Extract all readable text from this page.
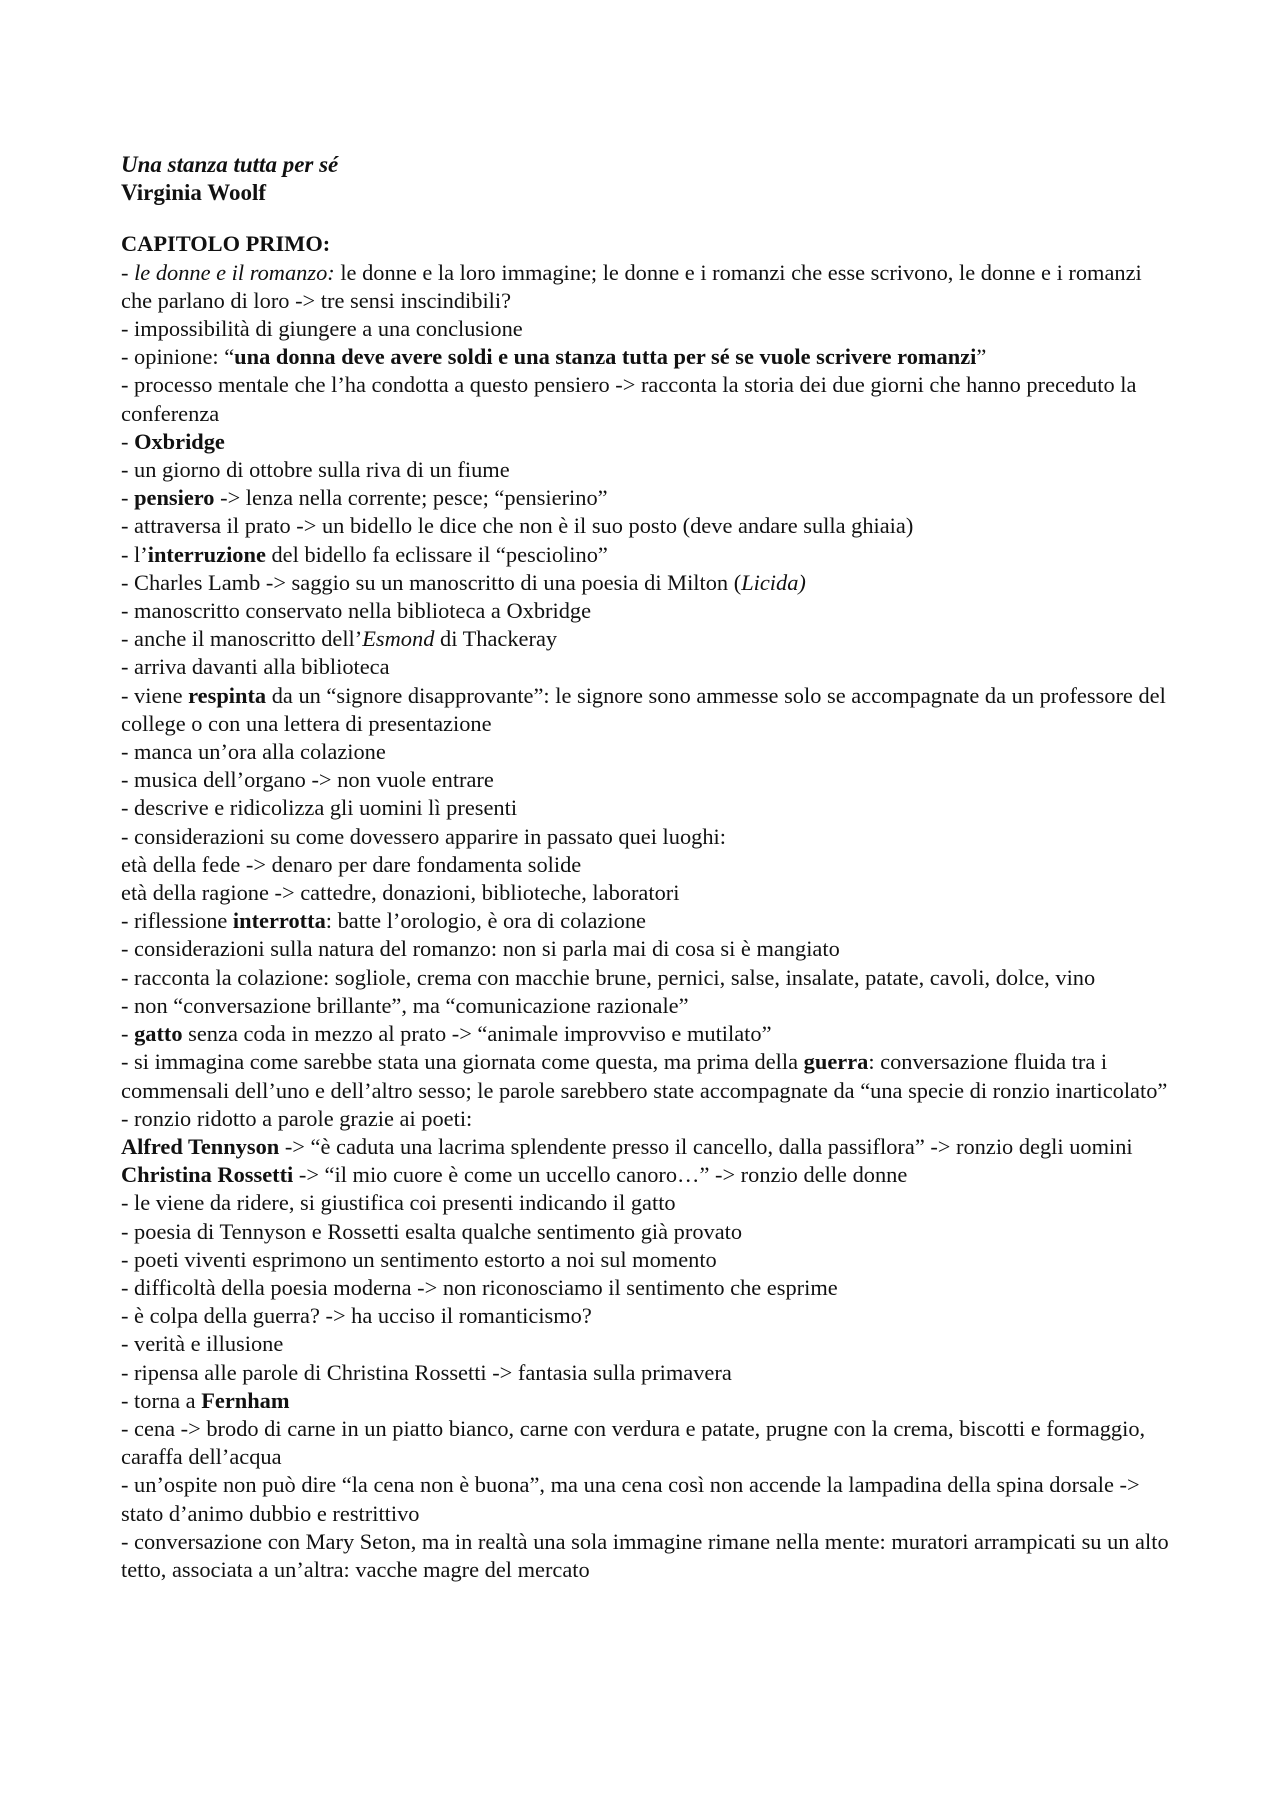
Una stanza tutta per sé
Virginia Woolf
CAPITOLO PRIMO:
- le donne e il romanzo: le donne e la loro immagine; le donne e i romanzi che esse scrivono, le donne e i romanzi che parlano di loro -> tre sensi inscindibili?
- impossibilità di giungere a una conclusione
- opinione: “una donna deve avere soldi e una stanza tutta per sé se vuole scrivere romanzi”
- processo mentale che l’ha condotta a questo pensiero -> racconta la storia dei due giorni che hanno preceduto la conferenza
- Oxbridge
- un giorno di ottobre sulla riva di un fiume
- pensiero -> lenza nella corrente; pesce; “pensierino”
- attraversa il prato -> un bidello le dice che non è il suo posto (deve andare sulla ghiaia)
- l’interruzione del bidello fa eclissare il “pesciolino”
- Charles Lamb -> saggio su un manoscritto di una poesia di Milton (Licida)
- manoscritto conservato nella biblioteca a Oxbridge
- anche il manoscritto dell’Esmond di Thackeray
- arriva davanti alla biblioteca
- viene respinta da un “signore disapprovante”: le signore sono ammesse solo se accompagnate da un professore del college o con una lettera di presentazione
- manca un’ora alla colazione
- musica dell’organo -> non vuole entrare
- descrive e ridicolizza gli uomini lì presenti
- considerazioni su come dovessero apparire in passato quei luoghi:
età della fede -> denaro per dare fondamenta solide
età della ragione -> cattedre, donazioni, biblioteche, laboratori
- riflessione interrotta: batte l’orologio, è ora di colazione
- considerazioni sulla natura del romanzo: non si parla mai di cosa si è mangiato
- racconta la colazione: sogliole, crema con macchie brune, pernici, salse, insalate, patate, cavoli, dolce, vino
- non “conversazione brillante”, ma “comunicazione razionale”
- gatto senza coda in mezzo al prato -> “animale improvviso e mutilato”
- si immagina come sarebbe stata una giornata come questa, ma prima della guerra: conversazione fluida tra i commensali dell’uno e dell’altro sesso; le parole sarebbero state accompagnate da “una specie di ronzio inarticolato”
- ronzio ridotto a parole grazie ai poeti:
Alfred Tennyson -> “è caduta una lacrima splendente presso il cancello, dalla passiflora” -> ronzio degli uomini
Christina Rossetti -> “il mio cuore è come un uccello canoro…” -> ronzio delle donne
- le viene da ridere, si giustifica coi presenti indicando il gatto
- poesia di Tennyson e Rossetti esalta qualche sentimento già provato
- poeti viventi esprimono un sentimento estorto a noi sul momento
- difficoltà della poesia moderna -> non riconosciamo il sentimento che esprime
- è colpa della guerra? -> ha ucciso il romanticismo?
- verità e illusione
- ripensa alle parole di Christina Rossetti -> fantasia sulla primavera
- torna a Fernham
- cena -> brodo di carne in un piatto bianco, carne con verdura e patate, prugne con la crema, biscotti e formaggio, caraffa dell’acqua
- un’ospite non può dire “la cena non è buona”, ma una cena così non accende la lampadina della spina dorsale -> stato d’animo dubbio e restrittivo
- conversazione con Mary Seton, ma in realtà una sola immagine rimane nella mente: muratori arrampicati su un alto tetto, associata a un’altra: vacche magre del mercato
